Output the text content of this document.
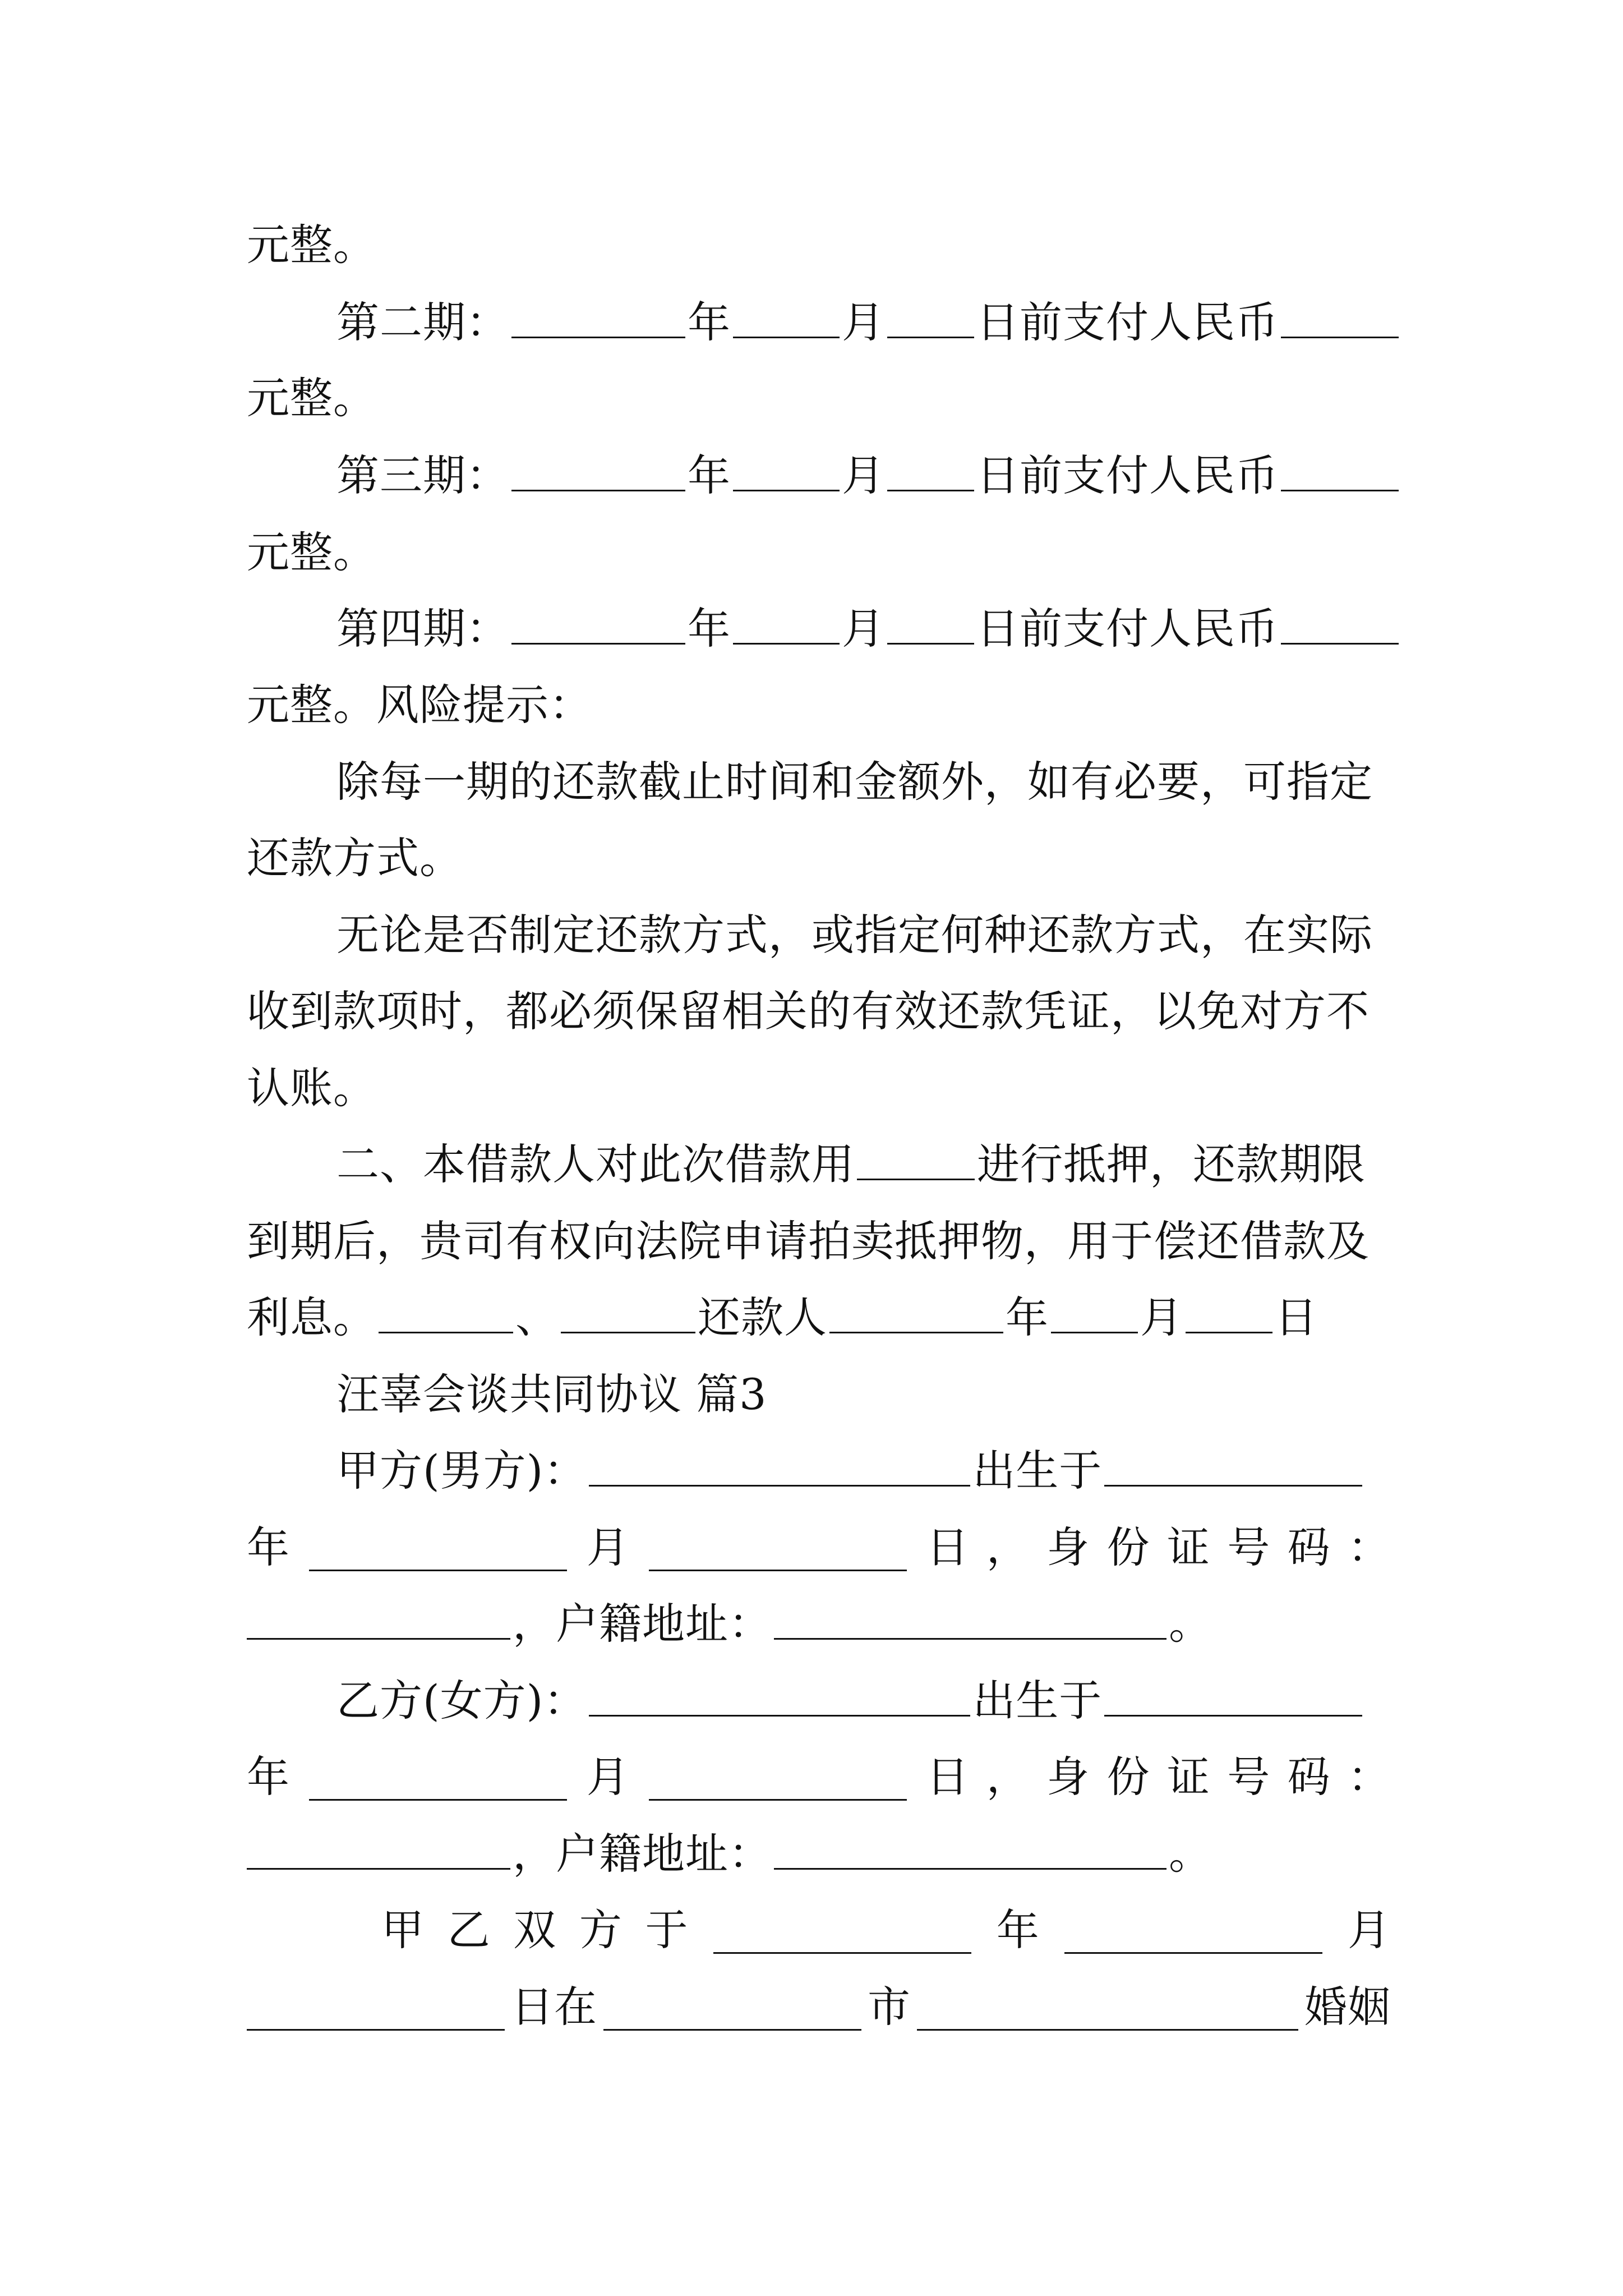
元整。
第二期：	年	月 日前支付人民币
元整。
第三期：	年	月 日前支付人民币
元整。
第四期：	年	月 日前支付人民币
元整。风险提示：
除每一期的还款截止时间和金额外，如有必要，可指定
还款方式。
无论是否制定还款方式，或指定何种还款方式，在实际
收到款项时，都必须保留相关的有效还款凭证，以免对方不
认账。
二、本借款人对此次借款用	进行抵押，还款期限
到期后，贵司有权向法院申请拍卖抵押物，用于偿还借款及
利息。	、	还款人	年 月 日
汪辜会谈共同协议 篇3
甲方(男方)：	出生于
年	月	日 ， 身 份 证 号 码 ：
，户籍地址：	。
乙方(女方)：	出生于
年	月	日 ， 身 份 证 号 码 ：
，户籍地址：	。
甲 乙 双 方 于	年	月
日在	市	婚姻
